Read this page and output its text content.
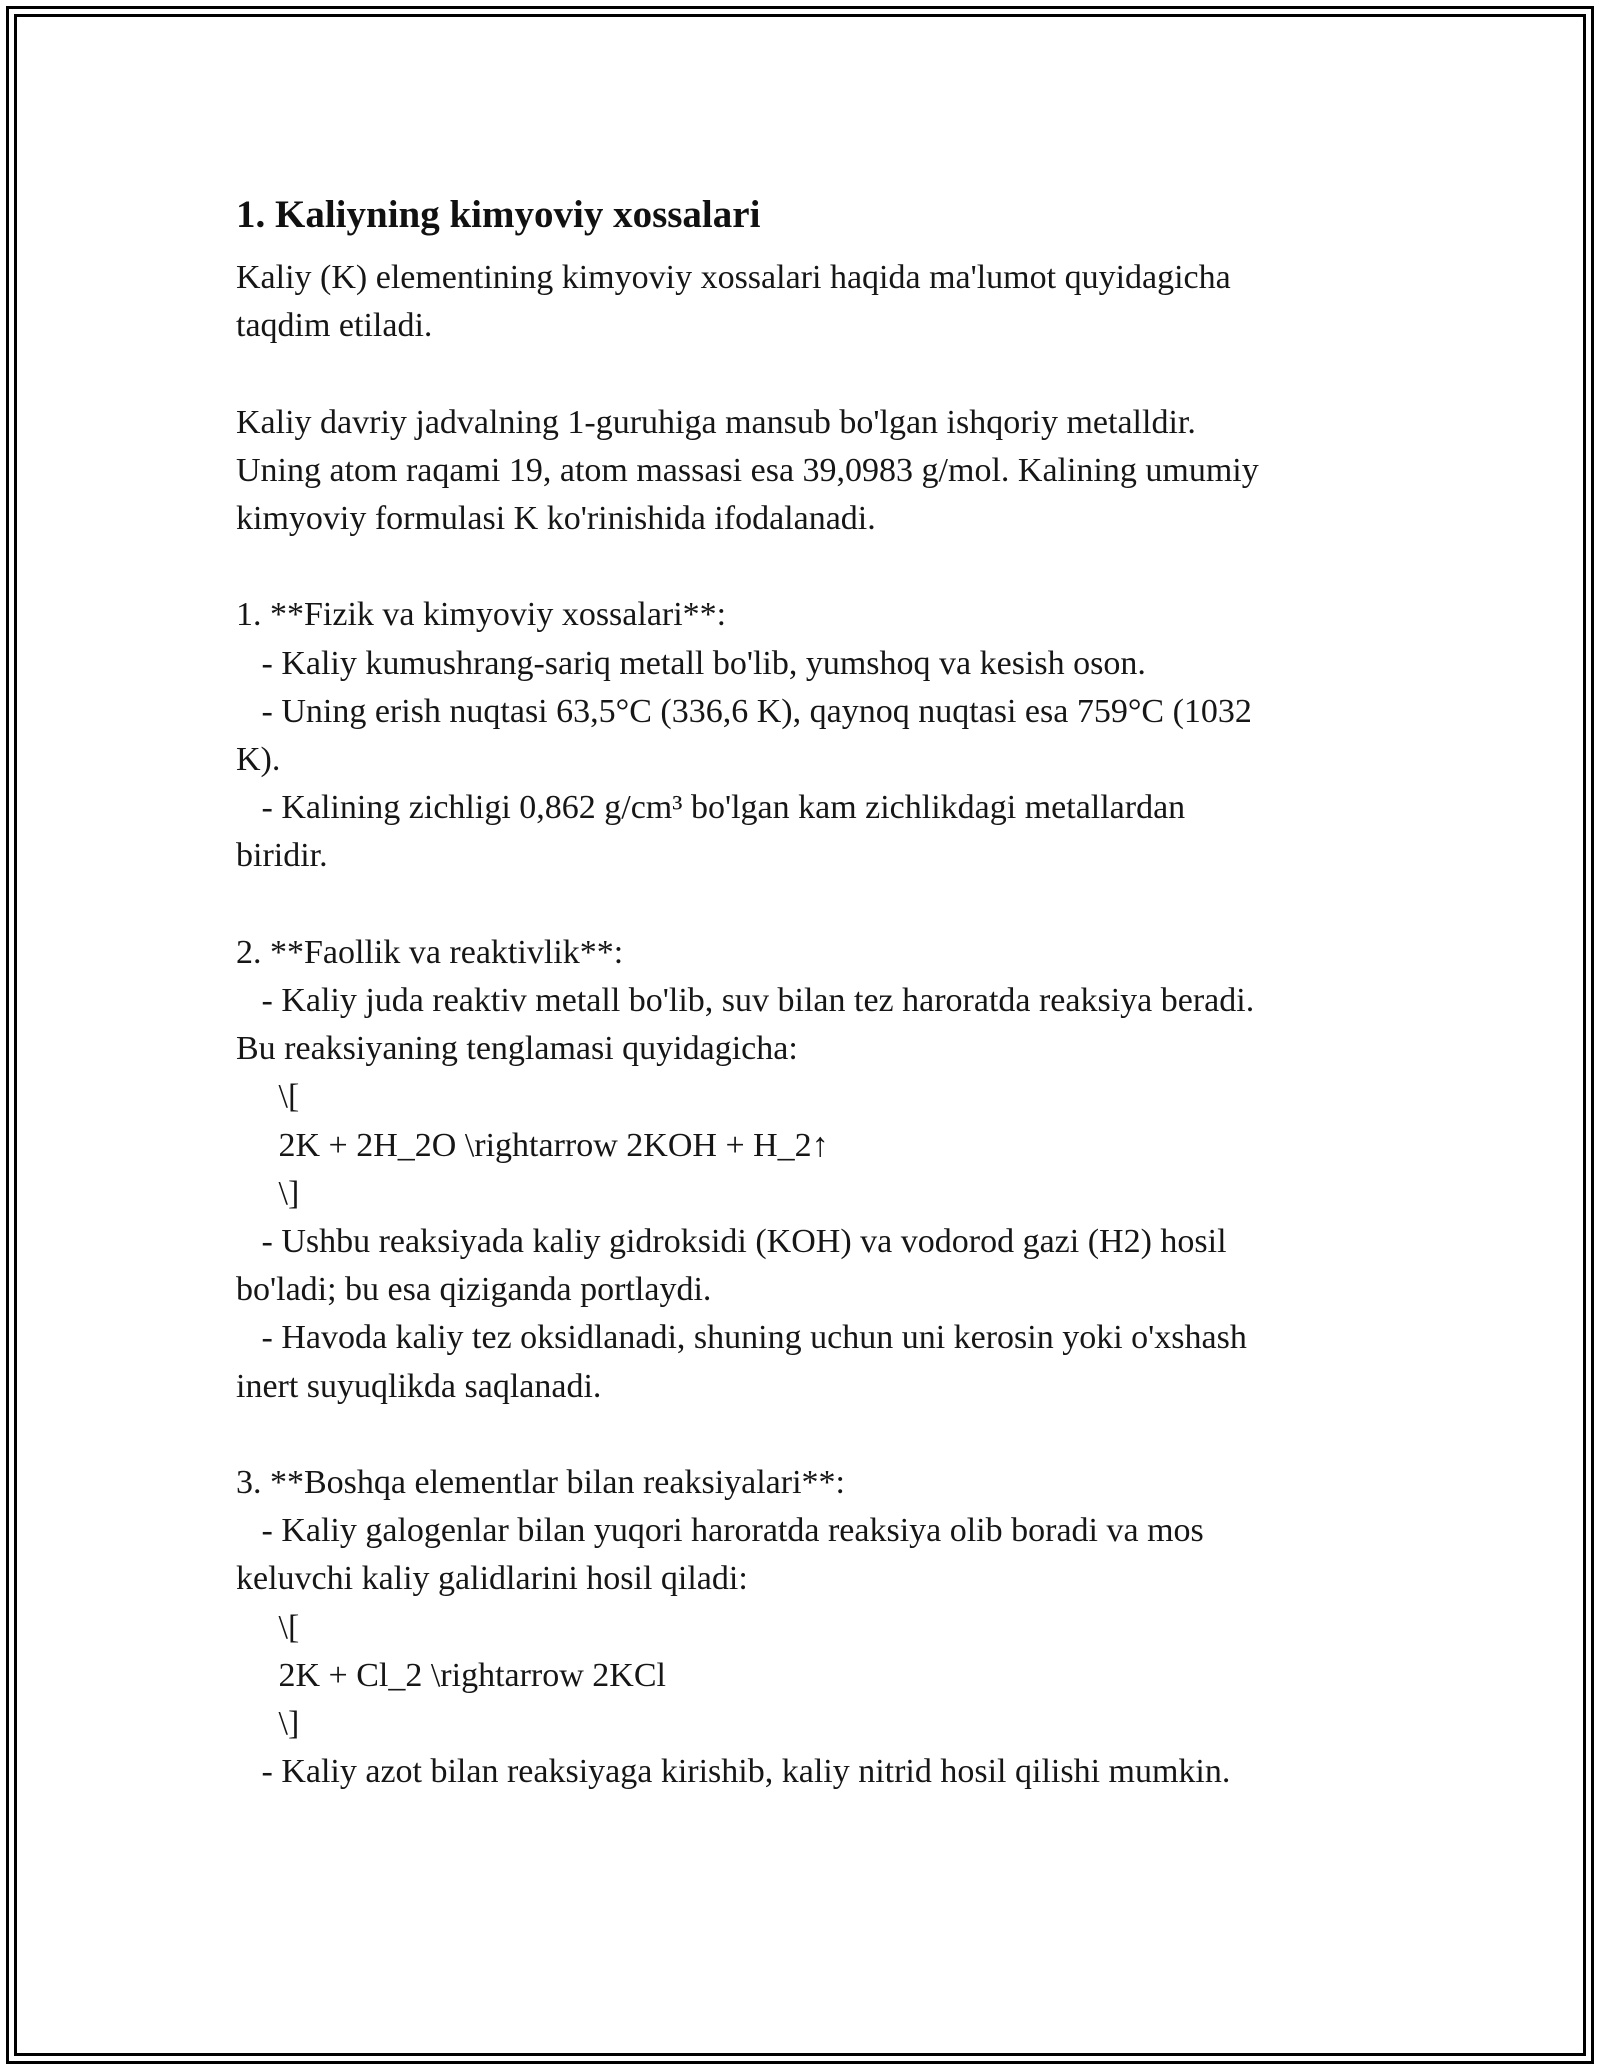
1. Kaliyning kimyoviy xossalari
Kaliy (K) elementining kimyoviy xossalari haqida ma'lumot quyidagicha
taqdim etiladi.

Kaliy davriy jadvalning 1-guruhiga mansub bo'lgan ishqoriy metalldir.
Uning atom raqami 19, atom massasi esa 39,0983 g/mol. Kalining umumiy
kimyoviy formulasi K ko'rinishida ifodalanadi.

1. **Fizik va kimyoviy xossalari**:
- Kaliy kumushrang-sariq metall bo'lib, yumshoq va kesish oson.
- Uning erish nuqtasi 63,5°C (336,6 K), qaynoq nuqtasi esa 759°C (1032
K).
- Kalining zichligi 0,862 g/cm³ bo'lgan kam zichlikdagi metallardan
biridir.

2. **Faollik va reaktivlik**:
- Kaliy juda reaktiv metall bo'lib, suv bilan tez haroratda reaksiya beradi.
Bu reaksiyaning tenglamasi quyidagicha:
\[
2K + 2H_2O \rightarrow 2KOH + H_2↑
\]
- Ushbu reaksiyada kaliy gidroksidi (KOH) va vodorod gazi (H2) hosil
bo'ladi; bu esa qiziganda portlaydi.
- Havoda kaliy tez oksidlanadi, shuning uchun uni kerosin yoki o'xshash
inert suyuqlikda saqlanadi.

3. **Boshqa elementlar bilan reaksiyalari**:
- Kaliy galogenlar bilan yuqori haroratda reaksiya olib boradi va mos
keluvchi kaliy galidlarini hosil qiladi:
\[
2K + Cl_2 \rightarrow 2KCl
\]
- Kaliy azot bilan reaksiyaga kirishib, kaliy nitrid hosil qilishi mumkin.
